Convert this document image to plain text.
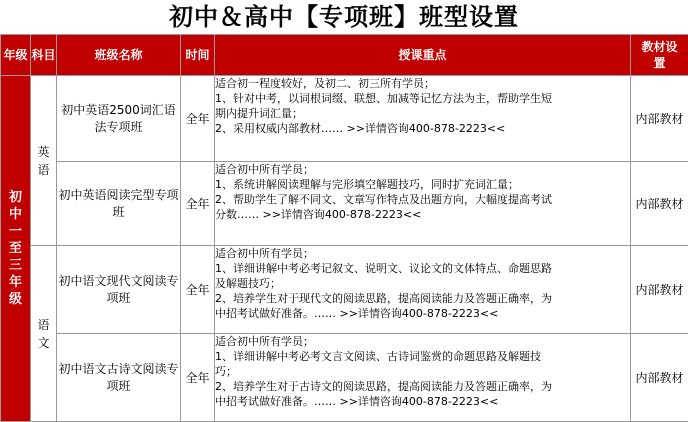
初中＆高中【专项班】班型设置
年级	科目	班级名称	时间	授课重点	教材设置
初中一至三年级	英语	初中英语2500词汇语法专项班	全年	适合初一程度较好，及初二、初三所有学员；
1、针对中考，以词根词缀、联想、加减等记忆方法为主，帮助学生短
期内提升词汇量；
2、采用权威内部教材…… >>详情咨询400-878-2223<<	内部教材
		初中英语阅读完型专项班	全年	适合初中所有学员；
1、系统讲解阅读理解与完形填空解题技巧，同时扩充词汇量；
2、帮助学生了解不同文、文章写作特点及出题方向，大幅度提高考试
分数…… >>详情咨询400-878-2223<<	内部教材
	语文	初中语文现代文阅读专项班	全年	适合初中所有学员；
1、详细讲解中考必考记叙文、说明文、议论文的文体特点、命题思路
及解题技巧；
2、培养学生对于现代文的阅读思路，提高阅读能力及答题正确率，为
中招考试做好准备。…… >>详情咨询400-878-2223<<	内部教材
		初中语文古诗文阅读专项班	全年	适合初中所有学员；
1、详细讲解中考必考文言文阅读、古诗词鉴赏的命题思路及解题技
巧；
2、培养学生对于古诗文的阅读思路，提高阅读能力及答题正确率，为
中招考试做好准备。…… >>详情咨询400-878-2223<<	内部教材
